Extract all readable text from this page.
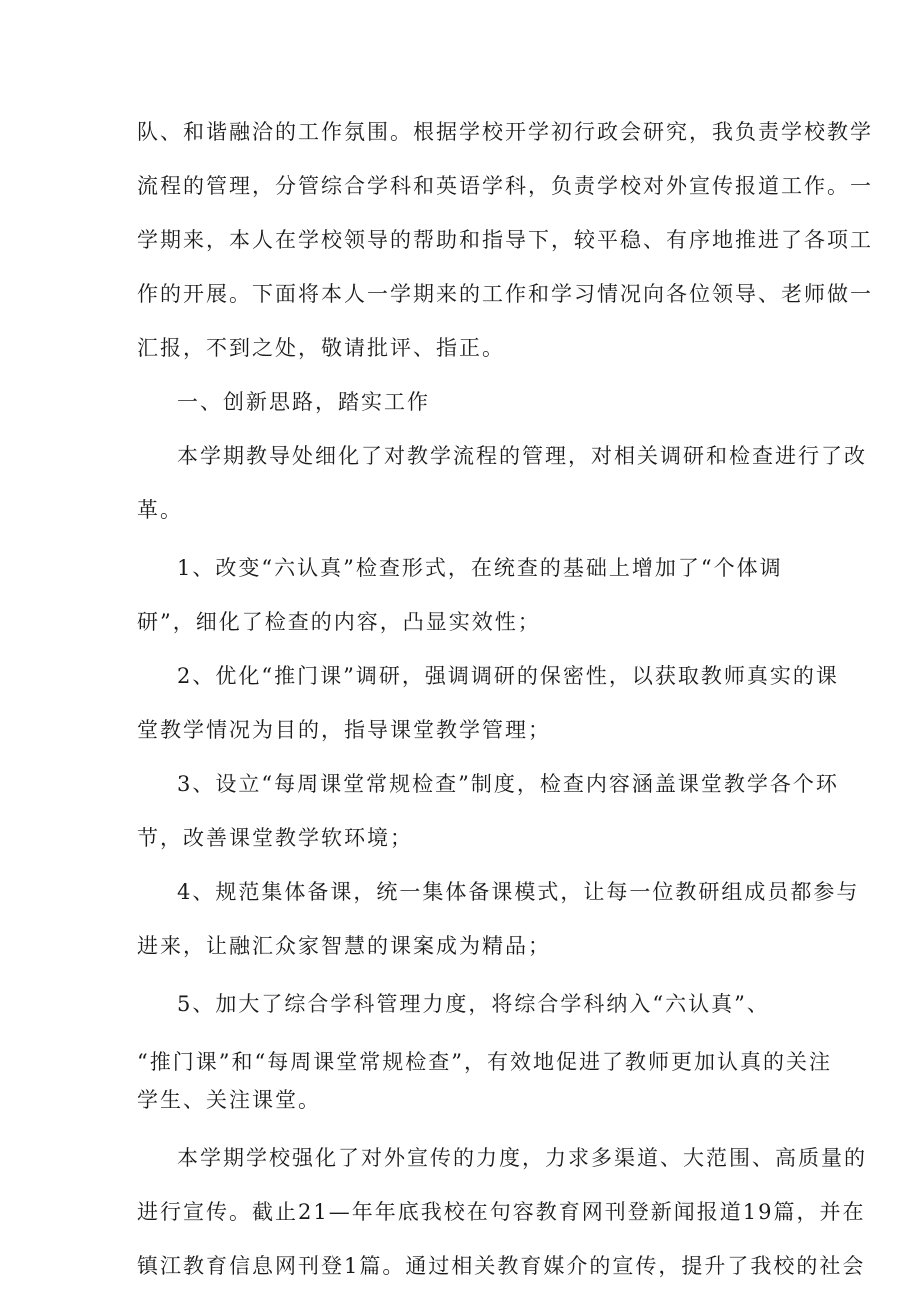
队、和谐融洽的工作氛围。根据学校开学初行政会研究，我负责学校教学
流程的管理，分管综合学科和英语学科，负责学校对外宣传报道工作。一
学期来，本人在学校领导的帮助和指导下，较平稳、有序地推进了各项工
作的开展。下面将本人一学期来的工作和学习情况向各位领导、老师做一
汇报，不到之处，敬请批评、指正。
一、创新思路，踏实工作
本学期教导处细化了对教学流程的管理，对相关调研和检查进行了改
革。
1、改变“六认真”检查形式，在统查的基础上增加了“个体调
研”，细化了检查的内容，凸显实效性；
2、优化“推门课”调研，强调调研的保密性，以获取教师真实的课
堂教学情况为目的，指导课堂教学管理；
3、设立“每周课堂常规检查”制度，检查内容涵盖课堂教学各个环
节，改善课堂教学软环境；
4、规范集体备课，统一集体备课模式，让每一位教研组成员都参与
进来，让融汇众家智慧的课案成为精品；
5、加大了综合学科管理力度，将综合学科纳入“六认真”、
“推门课”和“每周课堂常规检查”，有效地促进了教师更加认真的关注
学生、关注课堂。
本学期学校强化了对外宣传的力度，力求多渠道、大范围、高质量的
进行宣传。截止21—年年底我校在句容教育网刊登新闻报道19篇，并在
镇江教育信息网刊登1篇。通过相关教育媒介的宣传，提升了我校的社会
